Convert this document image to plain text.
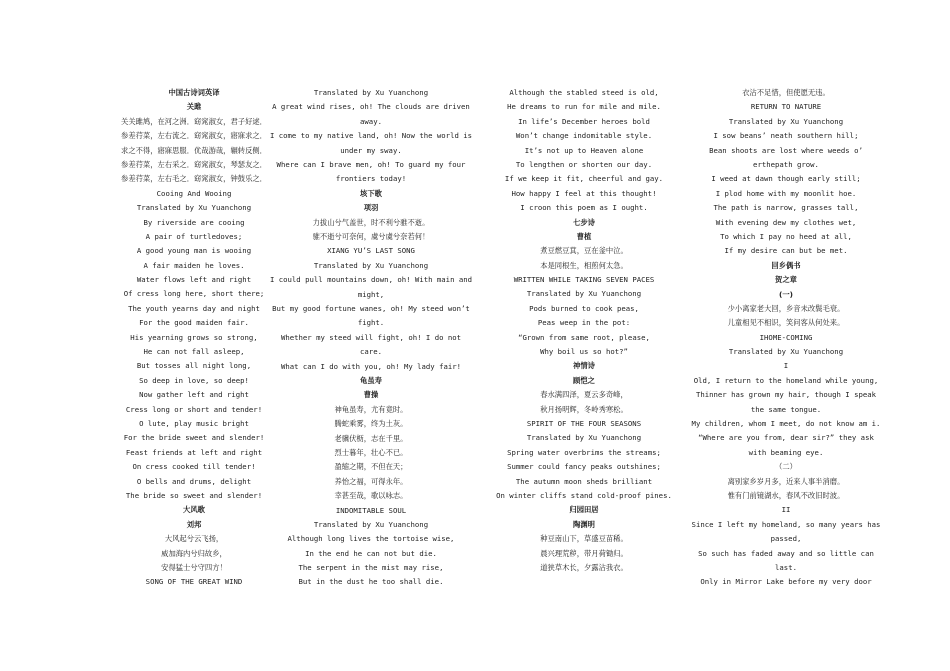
中国古诗词英译
关雎
关关雎鸠，在河之洲．窈窕淑女，君子好逑．
参差荇菜，左右流之．窈窕淑女，寤寐求之．
求之不得，寤寐思服．优哉游哉，辗转反侧．
参差荇菜，左右采之．窈窕淑女，琴瑟友之．
参差荇菜，左右毛之．窈窕淑女，钟鼓乐之．
Cooing And Wooing
Translated by Xu Yuanchong
By riverside are cooing
A pair of turtledoves;
A good young man is wooing
A fair maiden he loves.
Water flows left and right
Of cress long here, short there;
The youth yearns day and night
For the good maiden fair.
His yearning grows so strong,
He can not fall asleep,
But tosses all night long,
So deep in love, so deep!
Now gather left and right
Cress long or short and tender!
O lute, play music bright
For the bride sweet and slender!
Feast friends at left and right
On cress cooked till tender!
O bells and drums, delight
The bride so sweet and slender!
大风歌
刘邦
大风起兮云飞扬，
威加海内兮归故乡，
安得猛士兮守四方！
SONG OF THE GREAT WIND
Translated by Xu Yuanchong
A great wind rises, oh! The clouds are driven away.
I come to my native land, oh! Now the world is under my sway.
Where can I brave men, oh! To guard my four frontiers today!
垓下歌
项羽
力拔山兮气盖世，时不利兮骓不逝。
骓不逝兮可奈何，虞兮虞兮奈若何！
XIANG YU’S LAST SONG
Translated by Xu Yuanchong
I could pull mountains down, oh! With main and might,
But my good fortune wanes, oh! My steed won’t fight.
Whether my steed will fight, oh! I do not care.
What can I do with you, oh! My lady fair!
龟虽寿
曹操
神龟虽寿，尤有竟时。
腾蛇乘雾，终为土灰。
老骥伏枥，志在千里。
烈士暮年，壮心不已。
盈缩之期，不但在天；
养怡之福，可得永年。
幸甚至哉，歌以咏志。
INDOMITABLE SOUL
Translated by Xu Yuanchong
Although long lives the tortoise wise,
In the end he can not but die.
The serpent in the mist may rise,
But in the dust he too shall die.
Although the stabled steed is old,
He dreams to run for mile and mile.
In life’s December heroes bold
Won’t change indomitable style.
It’s not up to Heaven alone
To lengthen or shorten our day.
If we keep it fit, cheerful and gay.
How happy I feel at this thought!
I croon this poem as I ought.
七步诗
曹植
煮豆燃豆萁，豆在釜中泣。
本是同根生，相煎何太急。
WRITTEN WHILE TAKING SEVEN PACES
Translated by Xu Yuanchong
Pods burned to cook peas,
Peas weep in the pot:
“Grown from same root, please,
Why boil us so hot?”
神情诗
顾恺之
春水满四泽，夏云多奇峰，
秋月扬明辉，冬岭秀寒松。
SPIRIT OF THE FOUR SEASONS
Translated by Xu Yuanchong
Spring water overbrims the streams;
Summer could fancy peaks outshines;
The autumn moon sheds brilliant
On winter cliffs stand cold-proof pines.
归园田居
陶渊明
种豆南山下，草盛豆苗稀。
晨兴理荒秽，带月荷锄归。
道狭草木长，夕露沾我衣。
衣沾不足惜，但使愿无违。
RETURN TO NATURE
Translated by Xu Yuanchong
I sow beans’ neath southern hill;
Bean shoots are lost where weeds o’ erthepath grow.
I weed at dawn though early still;
I plod home with my moonlit hoe.
The path is narrow, grasses tall,
With evening dew my clothes wet,
To which I pay no heed at all,
If my desire can but be met.
回乡偶书
贺之章
(一)
少小离家老大回，乡音未改鬓毛衰。
儿童相见不相识，笑问客从何处来。
IHOME-COMING
Translated by Xu Yuanchong
I
Old, I return to the homeland while young,
Thinner has grown my hair, though I speak the same tongue.
My children, whom I meet, do not know am i.
“Where are you from, dear sir?” they ask with beaming eye.
（二）
离别家乡岁月多，近来人事半消磨。
惟有门前镜湖水，春风不改旧时波。
II
Since I left my homeland, so many years has passed,
So such has faded away and so little can last.
Only in Mirror Lake before my very door
